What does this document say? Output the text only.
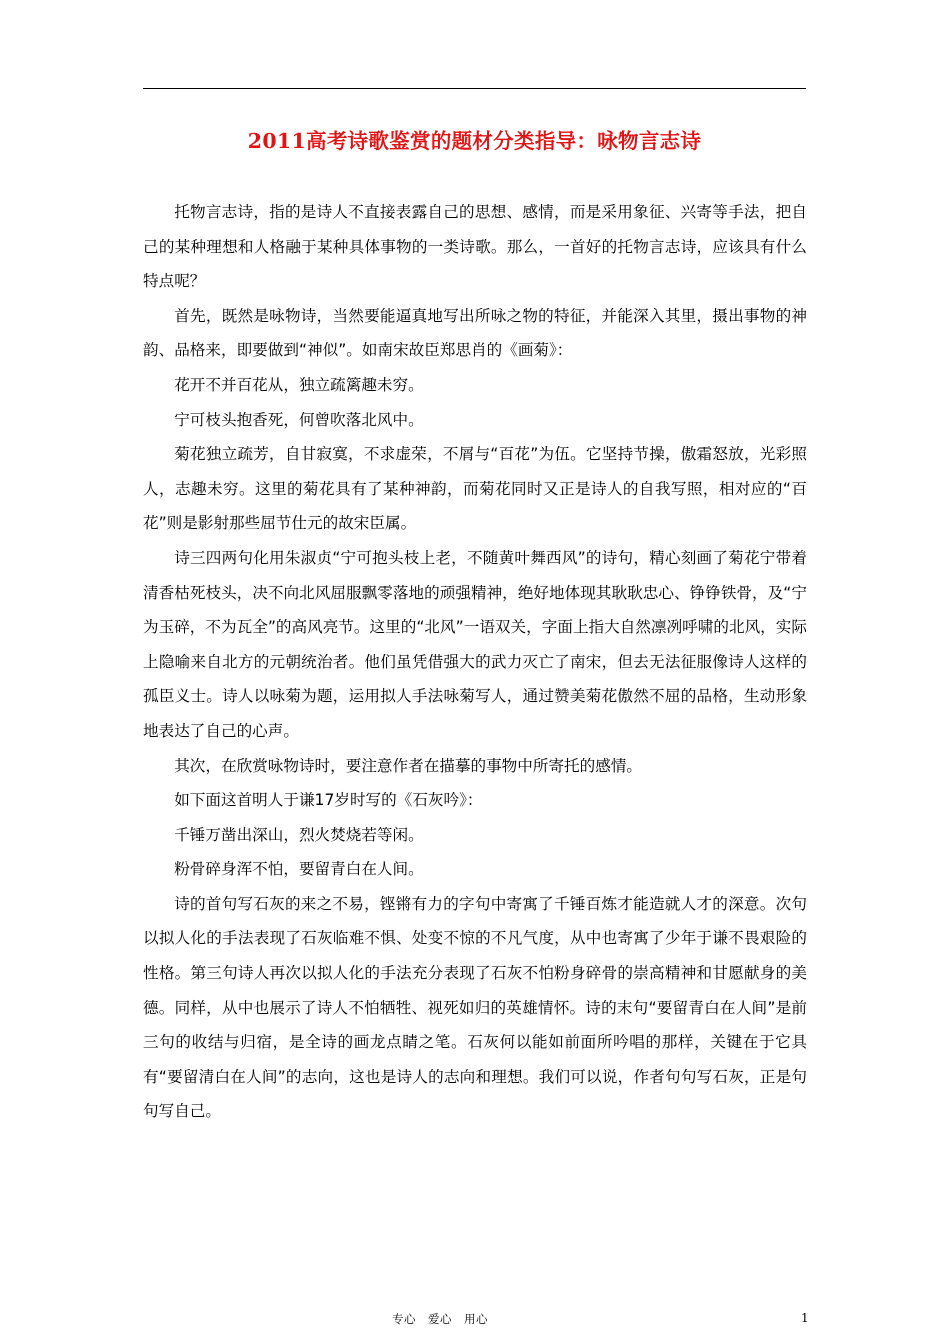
2011高考诗歌鉴赏的题材分类指导：咏物言志诗

托物言志诗，指的是诗人不直接表露自己的思想、感情，而是采用象征、兴寄等手法，把自己的某种理想和人格融于某种具体事物的一类诗歌。那么，一首好的托物言志诗，应该具有什么特点呢？

首先，既然是咏物诗，当然要能逼真地写出所咏之物的特征，并能深入其里，摄出事物的神韵、品格来，即要做到“神似”。如南宋故臣郑思肖的《画菊》：

花开不并百花从，独立疏篱趣未穷。

宁可枝头抱香死，何曾吹落北风中。

菊花独立疏芳，自甘寂寞，不求虚荣，不屑与“百花”为伍。它坚持节操，傲霜怒放，光彩照人，志趣未穷。这里的菊花具有了某种神韵，而菊花同时又正是诗人的自我写照，相对应的“百花”则是影射那些屈节仕元的故宋臣属。

诗三四两句化用朱淑贞“宁可抱头枝上老，不随黄叶舞西风”的诗句，精心刻画了菊花宁带着清香枯死枝头，决不向北风屈服飘零落地的顽强精神，绝好地体现其耿耿忠心、铮铮铁骨，及“宁为玉碎，不为瓦全”的高风亮节。这里的“北风”一语双关，字面上指大自然凛冽呼啸的北风，实际上隐喻来自北方的元朝统治者。他们虽凭借强大的武力灭亡了南宋，但去无法征服像诗人这样的孤臣义士。诗人以咏菊为题，运用拟人手法咏菊写人，通过赞美菊花傲然不屈的品格，生动形象地表达了自己的心声。

其次，在欣赏咏物诗时，要注意作者在描摹的事物中所寄托的感情。

如下面这首明人于谦17岁时写的《石灰吟》：

千锤万凿出深山，烈火焚烧若等闲。

粉骨碎身浑不怕，要留青白在人间。

诗的首句写石灰的来之不易，铿锵有力的字句中寄寓了千锤百炼才能造就人才的深意。次句以拟人化的手法表现了石灰临难不惧、处变不惊的不凡气度，从中也寄寓了少年于谦不畏艰险的性格。第三句诗人再次以拟人化的手法充分表现了石灰不怕粉身碎骨的崇高精神和甘愿献身的美德。同样，从中也展示了诗人不怕牺牲、视死如归的英雄情怀。诗的末句“要留青白在人间”是前三句的收结与归宿，是全诗的画龙点睛之笔。石灰何以能如前面所吟唱的那样，关键在于它具有“要留清白在人间”的志向，这也是诗人的志向和理想。我们可以说，作者句句写石灰，正是句句写自己。

专心　爱心　用心	1
